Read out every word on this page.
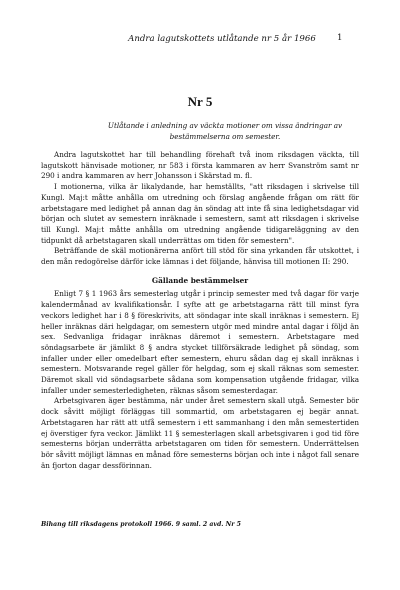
Andra lagutskottets utlåtande nr 5 år 1966	1
Nr 5
Utlåtande i anledning av väckta motioner om vissa ändringar av bestämmelserna om semester.

Andra lagutskottet har till behandling förehaft två inom riksdagen väckta, till lagutskott hänvisade motioner, nr 583 i första kammaren av herr Svanström samt nr 290 i andra kammaren av herr Johansson i Skärstad m. fl.

I motionerna, vilka är likalydande, har hemställts, "att riksdagen i skrivelse till Kungl. Maj:t måtte anhålla om utredning och förslag angående frågan om rätt för arbetstagare med ledighet på annan dag än söndag att inte få sina ledighetsdagar vid början och slutet av semestern inräknade i semestern, samt att riksdagen i skrivelse till Kungl. Maj:t måtte anhålla om utredning angående tidigareläggning av den tidpunkt då arbetstagaren skall underrättas om tiden för semestern".

Beträffande de skäl motionärerna anfört till stöd för sina yrkanden får utskottet, i den mån redogörelse därför icke lämnas i det följande, hänvisa till motionen II: 290.

Gällande bestämmelser

Enligt 7 § 1 1963 års semesterlag utgår i princip semester med två dagar för varje kalendermånad av kvalifikationsår. I syfte att ge arbetstagarna rätt till minst fyra veckors ledighet har i 8 § föreskrivits, att söndagar inte skall inräknas i semestern. Ej heller inräknas däri helgdagar, om semestern utgör med mindre antal dagar i följd än sex. Sedvanliga fridagar inräknas däremot i semestern. Arbetstagare med söndagsarbete är jämlikt 8 § andra stycket tillförsäkrade ledighet på söndag, som infaller under eller omedelbart efter semestern, ehuru sådan dag ej skall inräknas i semestern. Motsvarande regel gäller för helgdag, som ej skall räknas som semester. Däremot skall vid söndagsarbete sådana som kompensation utgående fridagar, vilka infaller under semesterledigheten, räknas såsom semesterdagar.

Arbetsgivaren äger bestämma, när under året semestern skall utgå. Semester bör dock såvitt möjligt förläggas till sommartid, om arbetstagaren ej begär annat. Arbetstagaren har rätt att utfå semestern i ett sammanhang i den mån semestertiden ej överstiger fyra veckor. Jämlikt 11 § semesterlagen skall arbetsgivaren i god tid före semesterns början underrätta arbetstagaren om tiden för semestern. Underrättelsen bör såvitt möjligt lämnas en månad före semesterns början och inte i något fall senare än fjorton dagar dessförinnan.

Bihang till riksdagens protokoll 1966. 9 saml. 2 avd. Nr 5
